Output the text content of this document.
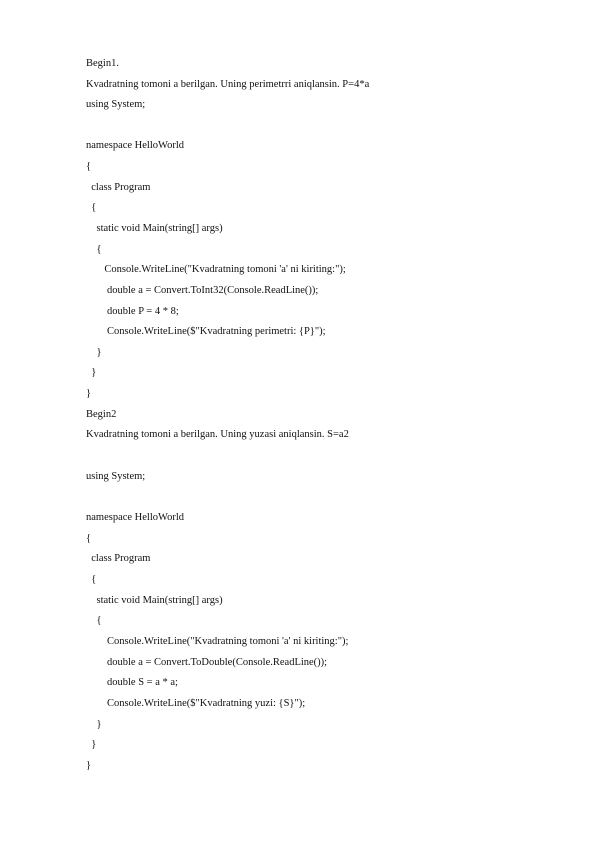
Begin1.
Kvadratning tomoni a berilgan. Uning perimetrri aniqlansin. P=4*a
using System;
namespace HelloWorld
{
class Program
{
static void Main(string[] args)
{
Console.WriteLine("Kvadratning tomoni 'a' ni kiriting:");
double a = Convert.ToInt32(Console.ReadLine());
double P = 4 * 8;
Console.WriteLine($"Kvadratning perimetri: {P}");
}
}
}
Begin2
Kvadratning tomoni a berilgan. Uning yuzasi aniqlansin. S=a2
using System;
namespace HelloWorld
{
class Program
{
static void Main(string[] args)
{
Console.WriteLine("Kvadratning tomoni 'a' ni kiriting:");
double a = Convert.ToDouble(Console.ReadLine());
double S = a * a;
Console.WriteLine($"Kvadratning yuzi: {S}");
}
}
}
